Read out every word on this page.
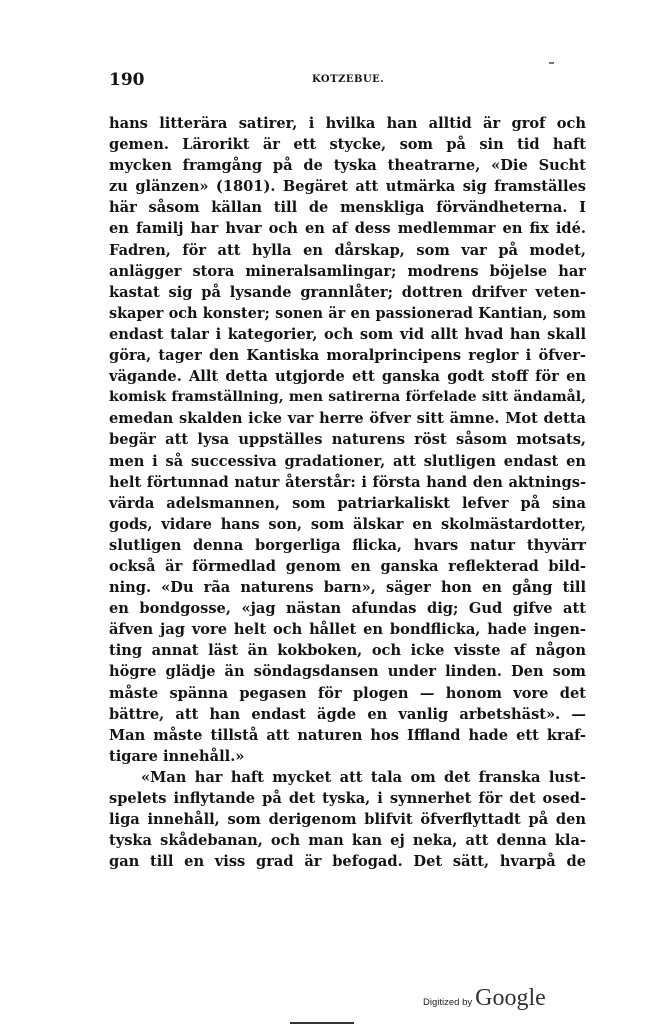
190	KOTZEBUE.
hans litterära satirer, i hvilka han alltid är grof och
gemen. Lärorikt är ett stycke, som på sin tid haft
mycken framgång på de tyska theatrarne, «Die Sucht
zu glänzen» (1801). Begäret att utmärka sig framställes
här såsom källan till de menskliga förvändheterna. I
en familj har hvar och en af dess medlemmar en fix idé.
Fadren, för att hylla en dårskap, som var på modet,
anlägger stora mineralsamlingar; modrens böjelse har
kastat sig på lysande grannlåter; dottren drifver veten-
skaper och konster; sonen är en passionerad Kantian, som
endast talar i kategorier, och som vid allt hvad han skall
göra, tager den Kantiska moralprincipens reglor i öfver-
vägande. Allt detta utgjorde ett ganska godt stoff för en
komisk framställning, men satirerna förfelade sitt ändamål,
emedan skalden icke var herre öfver sitt ämne. Mot detta
begär att lysa uppställes naturens röst såsom motsats,
men i så successiva gradationer, att slutligen endast en
helt förtunnad natur återstår: i första hand den aktnings-
värda adelsmannen, som patriarkaliskt lefver på sina
gods, vidare hans son, som älskar en skolmästardotter,
slutligen denna borgerliga flicka, hvars natur thyvärr
också är förmedlad genom en ganska reflekterad bild-
ning. «Du rãa naturens barn», säger hon en gång till
en bondgosse, «jag nästan afundas dig; Gud gifve att
äfven jag vore helt och hållet en bondflicka, hade ingen-
ting annat läst än kokboken, och icke visste af någon
högre glädje än söndagsdansen under linden. Den som
måste spänna pegasen för plogen — honom vore det
bättre, att han endast ägde en vanlig arbetshäst». —
Man måste tillstå att naturen hos Iffland hade ett kraf-
tigare innehåll.»
«Man har haft mycket att tala om det franska lust-
spelets inflytande på det tyska, i synnerhet för det osed-
liga innehåll, som derigenom blifvit öfverflyttadt på den
tyska skådebanan, och man kan ej neka, att denna kla-
gan till en viss grad är befogad. Det sätt, hvarpå de
Digitized by Google
